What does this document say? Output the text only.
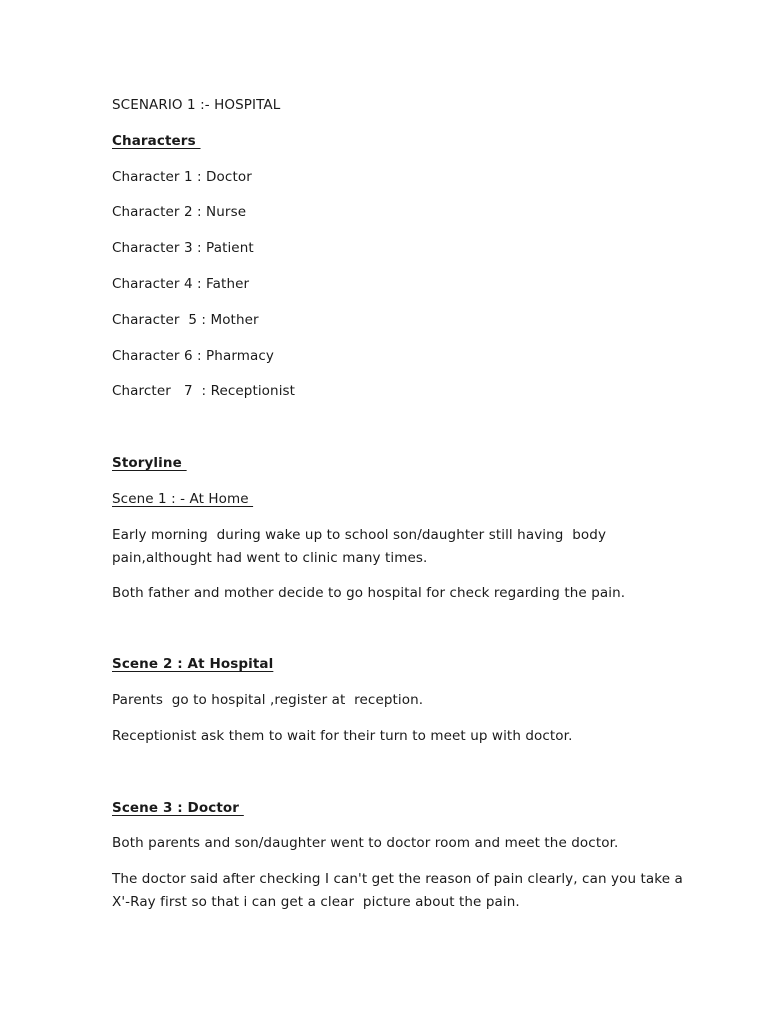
SCENARIO 1 :- HOSPITAL
Characters
Character 1 : Doctor
Character 2 : Nurse
Character 3 : Patient
Character 4 : Father
Character  5 : Mother
Character 6 : Pharmacy
Charcter   7  : Receptionist
Storyline
Scene 1 : - At Home
Early morning  during wake up to school son/daughter still having  body
pain,althought had went to clinic many times.
Both father and mother decide to go hospital for check regarding the pain.
Scene 2 : At Hospital
Parents  go to hospital ,register at  reception.
Receptionist ask them to wait for their turn to meet up with doctor.
Scene 3 : Doctor
Both parents and son/daughter went to doctor room and meet the doctor.
The doctor said after checking I can't get the reason of pain clearly, can you take a
X'-Ray first so that i can get a clear  picture about the pain.
